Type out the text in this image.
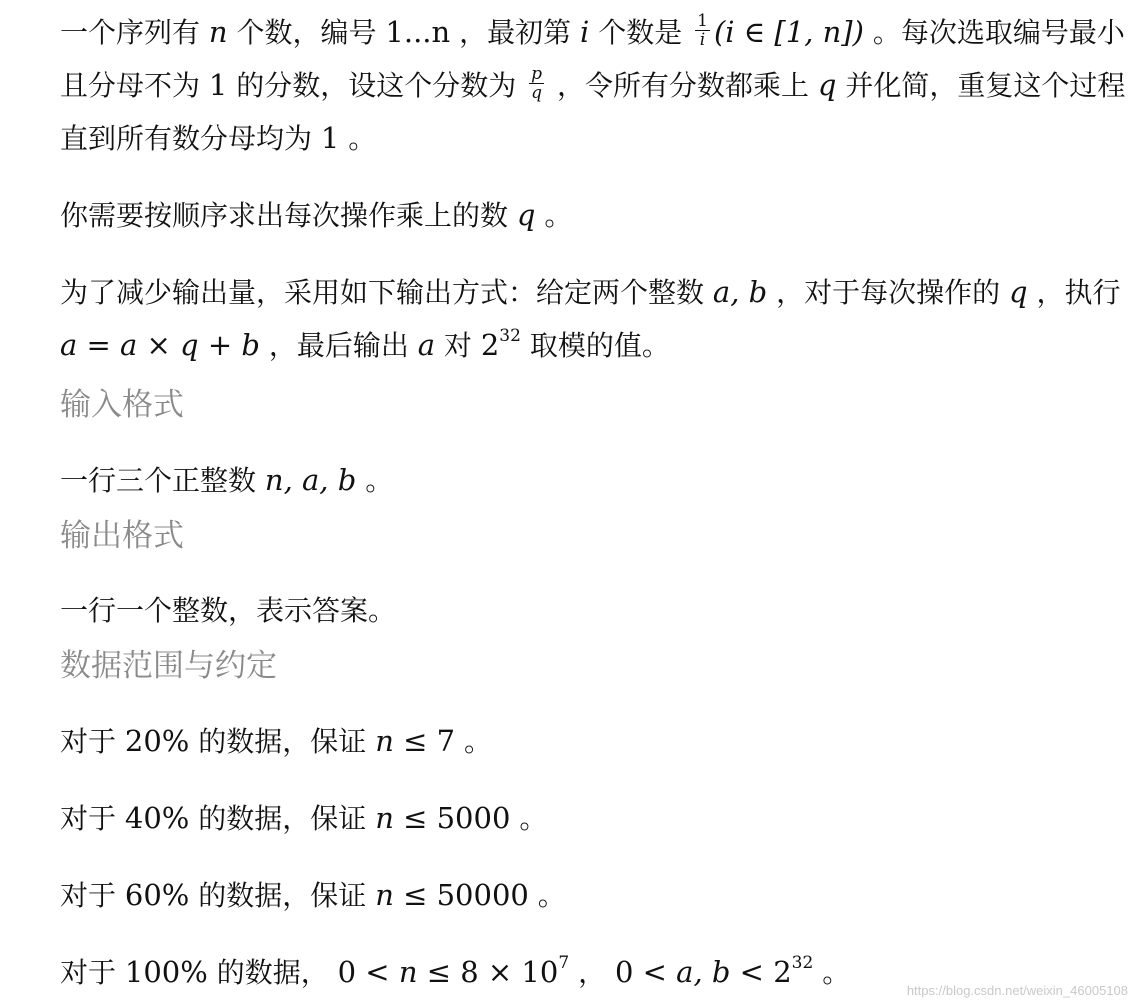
一个序列有 n 个数，编号 1...n ，最初第 i 个数是 $\frac{1}{i} (i$ ∈ [1, n]) 。每次选取编号最小且分母不为 1 的分数，设这个分数为 $\frac{p}{q}$ ，令所有分数都乘上 q 并化简，重复这个过程直到所有数分母均为 1 。

你需要按顺序求出每次操作乘上的数 q 。

为了减少输出量，采用如下输出方式：给定两个整数 a, b ，对于每次操作的 q ，执行 a = a × q + b ，最后输出 a 对 $2^{32}$ 取模的值。

输入格式

一行三个正整数 n, a, b 。

输出格式

一行一个整数，表示答案。

数据范围与约定

对于 20% 的数据，保证 n ≤ 7 。

对于 40% 的数据，保证 n ≤ 5000 。

对于 60% 的数据，保证 n ≤ 50000 。

对于 100% 的数据， $0 < n \le 8 \times 10^7$ ， 0 < a, $b < 2^{32}$ 。

https://blog.csdn.net/weixin_46005108
